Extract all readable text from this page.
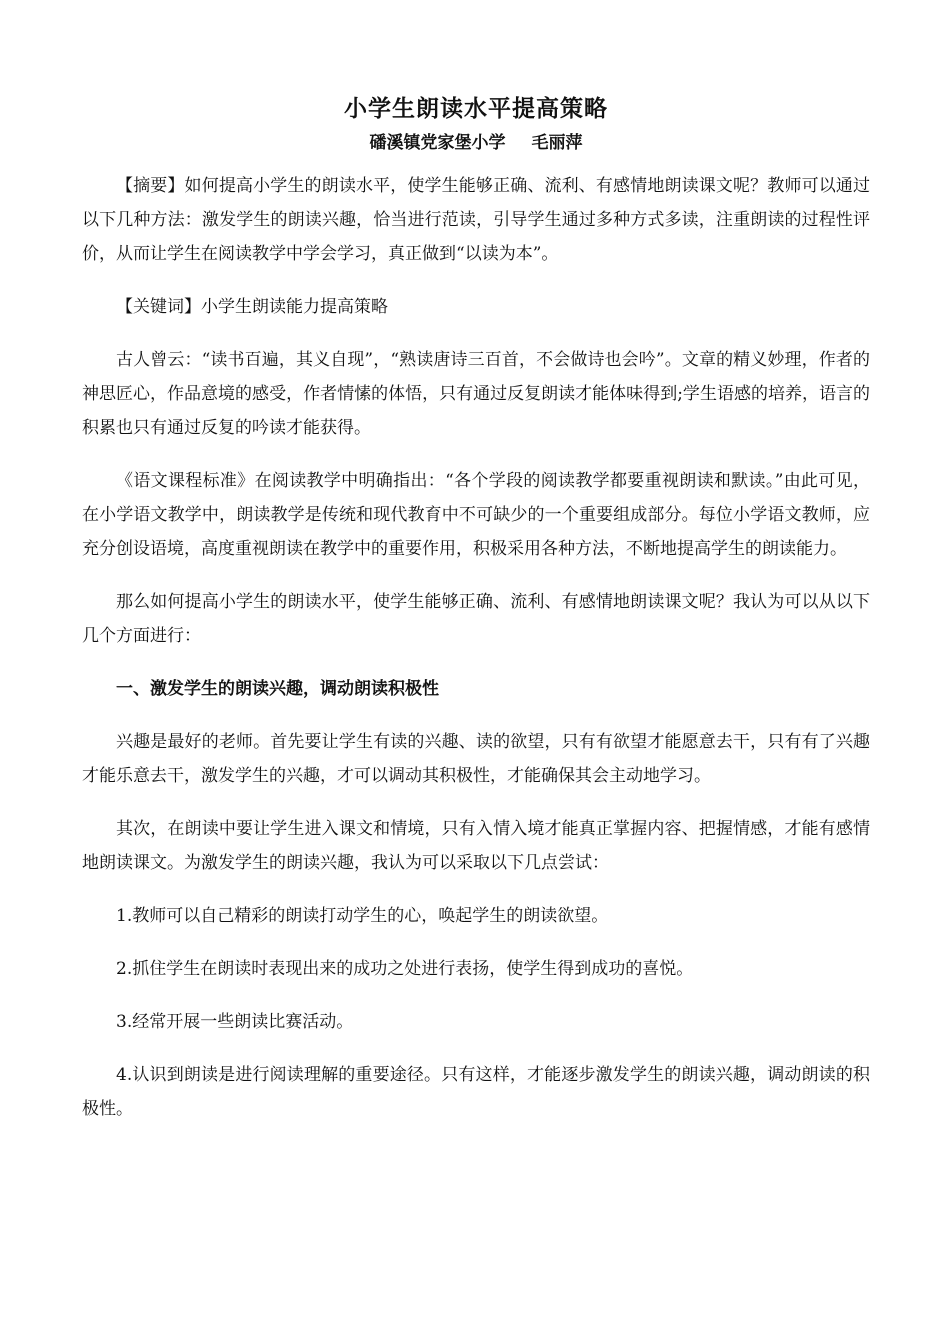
小学生朗读水平提高策略
磻溪镇党家堡小学 毛丽萍

【摘要】如何提高小学生的朗读水平，使学生能够正确、流利、有感情地朗读课文呢？教师可以通过以下几种方法：激发学生的朗读兴趣，恰当进行范读，引导学生通过多种方式多读，注重朗读的过程性评价，从而让学生在阅读教学中学会学习，真正做到“以读为本”。

【关键词】小学生朗读能力提高策略

古人曾云：“读书百遍，其义自现”，“熟读唐诗三百首，不会做诗也会吟”。文章的精义妙理，作者的神思匠心，作品意境的感受，作者情愫的体悟，只有通过反复朗读才能体味得到;学生语感的培养，语言的积累也只有通过反复的吟读才能获得。

《语文课程标准》在阅读教学中明确指出：“各个学段的阅读教学都要重视朗读和默读。”由此可见，在小学语文教学中，朗读教学是传统和现代教育中不可缺少的一个重要组成部分。每位小学语文教师，应充分创设语境，高度重视朗读在教学中的重要作用，积极采用各种方法，不断地提高学生的朗读能力。

那么如何提高小学生的朗读水平，使学生能够正确、流利、有感情地朗读课文呢？我认为可以从以下几个方面进行：

一、激发学生的朗读兴趣，调动朗读积极性

兴趣是最好的老师。首先要让学生有读的兴趣、读的欲望，只有有欲望才能愿意去干，只有有了兴趣才能乐意去干，激发学生的兴趣，才可以调动其积极性，才能确保其会主动地学习。

其次，在朗读中要让学生进入课文和情境，只有入情入境才能真正掌握内容、把握情感，才能有感情地朗读课文。为激发学生的朗读兴趣，我认为可以采取以下几点尝试：

1.教师可以自己精彩的朗读打动学生的心，唤起学生的朗读欲望。

2.抓住学生在朗读时表现出来的成功之处进行表扬，使学生得到成功的喜悦。

3.经常开展一些朗读比赛活动。

4.认识到朗读是进行阅读理解的重要途径。只有这样，才能逐步激发学生的朗读兴趣，调动朗读的积极性。
